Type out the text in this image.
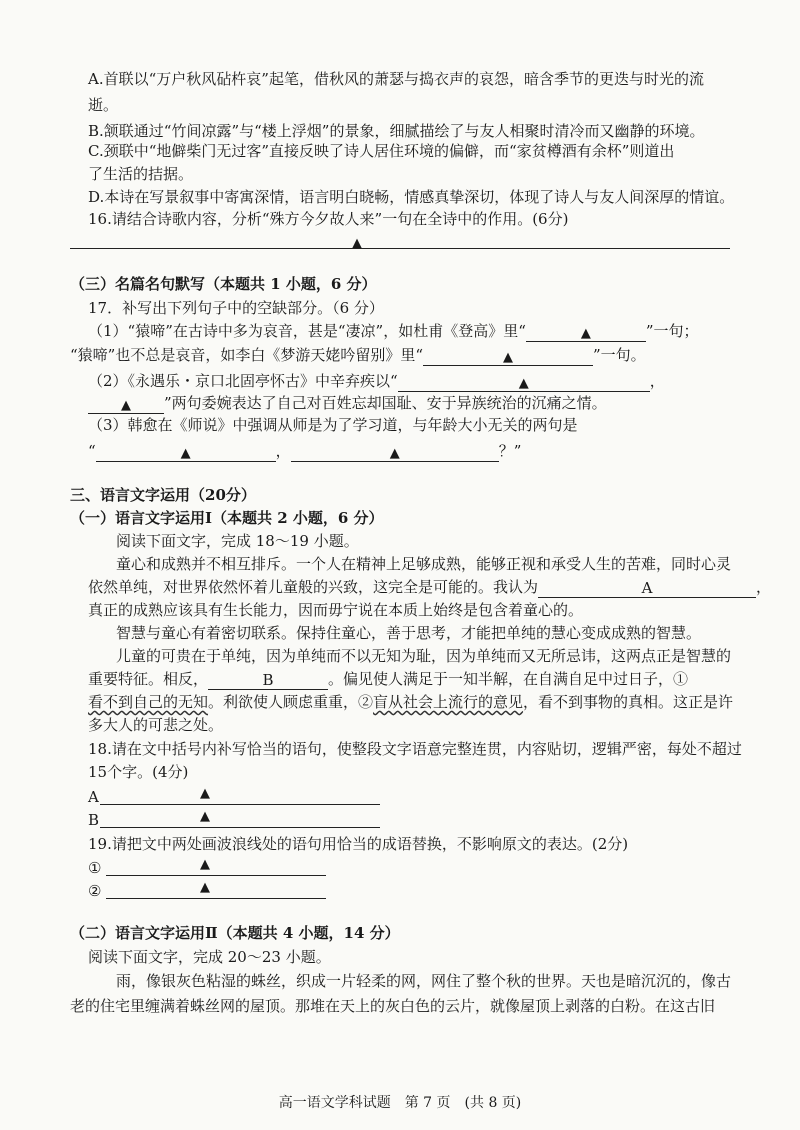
A.首联以“万户秋风砧杵哀”起笔，借秋风的萧瑟与捣衣声的哀怨，暗含季节的更迭与时光的流
逝。
B.颔联通过“竹间凉露”与“楼上浮烟”的景象，细腻描绘了与友人相聚时清冷而又幽静的环境。
C.颈联中“地僻柴门无过客”直接反映了诗人居住环境的偏僻，而“家贫樽酒有余杯”则道出
了生活的拮据。
D.本诗在写景叙事中寄寓深情，语言明白晓畅，情感真挚深切，体现了诗人与友人间深厚的情谊。
16.请结合诗歌内容，分析“殊方今夕故人来”一句在全诗中的作用。(6分)
▲
（三）名篇名句默写（本题共 1 小题，6 分）
17．补写出下列句子中的空缺部分。（6 分）
（1）“猿啼”在古诗中多为哀音，甚是“凄凉”，如杜甫《登高》里“	▲	”一句；
“猿啼”也不总是哀音，如李白《梦游天姥吟留别》里“	▲	”一句。
（2）《永遇乐・京口北固亭怀古》中辛弃疾以“	▲	，
▲ ”两句委婉表达了自己对百姓忘却国耻、安于异族统治的沉痛之情。
（3）韩愈在《师说》中强调从师是为了学习道，与年龄大小无关的两句是
“	▲	，	▲	？”
三、语言文字运用（20分）
（一）语言文字运用Ⅰ（本题共 2 小题，6 分）
阅读下面文字，完成 18～19 小题。
童心和成熟并不相互排斥。一个人在精神上足够成熟，能够正视和承受人生的苦难，同时心灵
依然单纯，对世界依然怀着儿童般的兴致，这完全是可能的。我认为	A	，
真正的成熟应该具有生长能力，因而毋宁说在本质上始终是包含着童心的。
智慧与童心有着密切联系。保持住童心，善于思考，才能把单纯的慧心变成成熟的智慧。
儿童的可贵在于单纯，因为单纯而不以无知为耻，因为单纯而又无所忌讳，这两点正是智慧的
重要特征。相反，	B	。偏见使人满足于一知半解，在自满自足中过日子，①
看不到自己的无知。利欲使人顾虑重重，②盲从社会上流行的意见，看不到事物的真相。这正是许
多大人的可悲之处。
18.请在文中括号内补写恰当的语句，使整段文字语意完整连贯，内容贴切，逻辑严密，每处不超过
15个字。(4分)
A	▲
B	▲
19.请把文中两处画波浪线处的语句用恰当的成语替换，不影响原文的表达。(2分)
①	▲
②	▲
（二）语言文字运用Ⅱ（本题共 4 小题，14 分）
阅读下面文字，完成 20～23 小题。
雨，像银灰色粘湿的蛛丝，织成一片轻柔的网，网住了整个秋的世界。天也是暗沉沉的，像古
老的住宅里缠满着蛛丝网的屋顶。那堆在天上的灰白色的云片，就像屋顶上剥落的白粉。在这古旧
高一语文学科试题　第 7 页　(共 8 页)
